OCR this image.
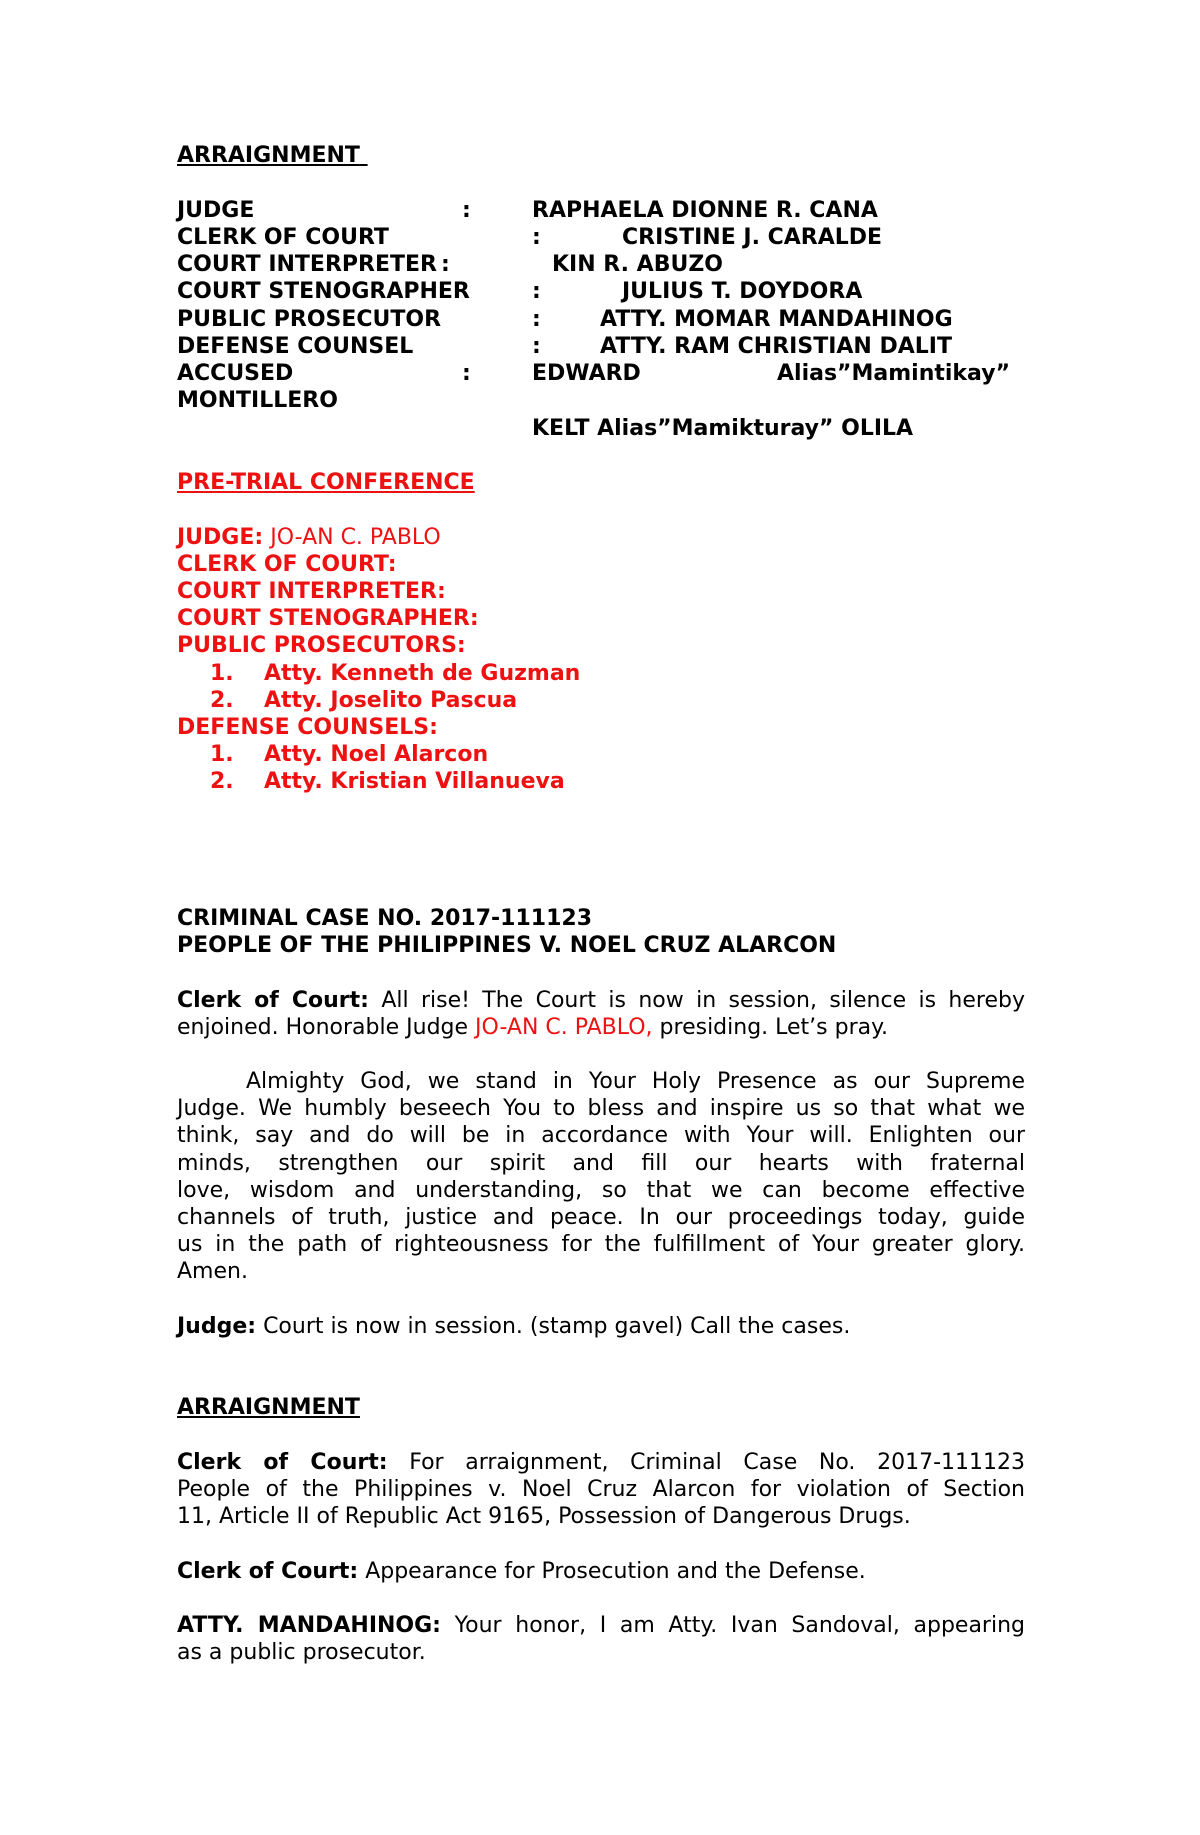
ARRAIGNMENT
JUDGE	:	RAPHAELA DIONNE R. CANA
CLERK OF COURT	:	CRISTINE J. CARALDE
COURT INTERPRETER :	KIN R. ABUZO
COURT STENOGRAPHER	:	JULIUS T. DOYDORA
PUBLIC PROSECUTOR	:	ATTY. MOMAR MANDAHINOG
DEFENSE COUNSEL	:	ATTY. RAM CHRISTIAN DALIT
ACCUSED	:	EDWARD	Alias”Mamintikay”
MONTILLERO
KELT Alias”Mamikturay” OLILA
PRE-TRIAL CONFERENCE
JUDGE: JO-AN C. PABLO
CLERK OF COURT:
COURT INTERPRETER:
COURT STENOGRAPHER:
PUBLIC PROSECUTORS:
1. Atty. Kenneth de Guzman
2. Atty. Joselito Pascua
DEFENSE COUNSELS:
1. Atty. Noel Alarcon
2. Atty. Kristian Villanueva
CRIMINAL CASE NO. 2017-111123
PEOPLE OF THE PHILIPPINES V. NOEL CRUZ ALARCON
Clerk of Court: All rise! The Court is now in session, silence is hereby
enjoined. Honorable Judge JO-AN C. PABLO, presiding. Let’s pray.
Almighty God, we stand in Your Holy Presence as our Supreme
Judge. We humbly beseech You to bless and inspire us so that what we
think, say and do will be in accordance with Your will. Enlighten our
minds, strengthen our spirit and fill our hearts with fraternal
love, wisdom and understanding, so that we can become effective
channels of truth, justice and peace. In our proceedings today, guide
us in the path of righteousness for the fulfillment of Your greater glory.
Amen.
Judge: Court is now in session. (stamp gavel) Call the cases.
ARRAIGNMENT
Clerk of Court: For arraignment, Criminal Case No. 2017-111123
People of the Philippines v. Noel Cruz Alarcon for violation of Section
11, Article II of Republic Act 9165, Possession of Dangerous Drugs.
Clerk of Court: Appearance for Prosecution and the Defense.
ATTY. MANDAHINOG: Your honor, I am Atty. Ivan Sandoval, appearing
as a public prosecutor.
